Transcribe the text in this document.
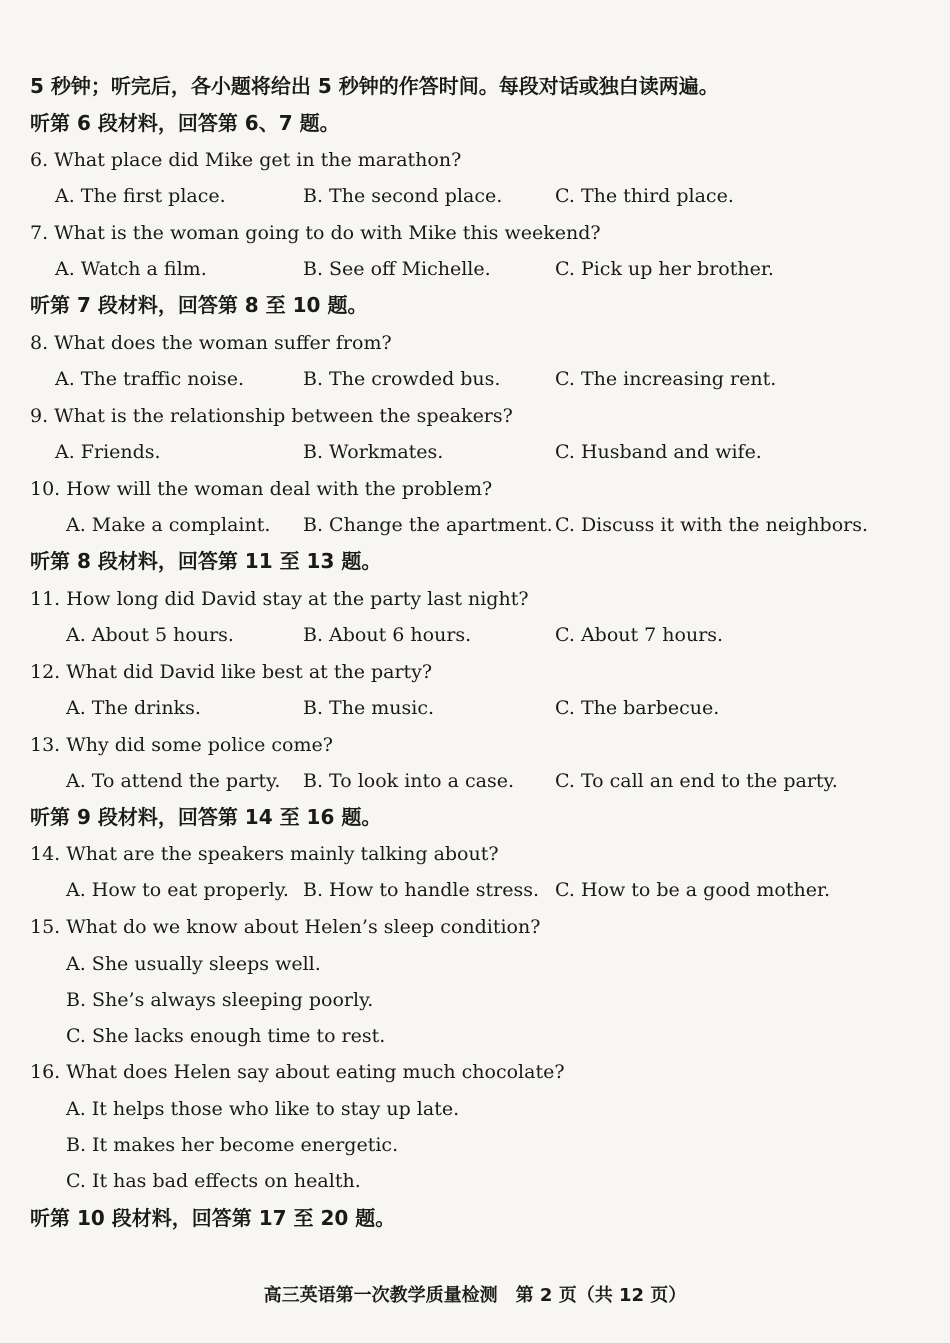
5 秒钟；听完后，各小题将给出 5 秒钟的作答时间。每段对话或独白读两遍。
听第 6 段材料，回答第 6、7 题。
6. What place did Mike get in the marathon?
A. The first place.	B. The second place.	C. The third place.
7. What is the woman going to do with Mike this weekend?
A. Watch a film.	B. See off Michelle.	C. Pick up her brother.
听第 7 段材料，回答第 8 至 10 题。
8. What does the woman suffer from?
A. The traffic noise.	B. The crowded bus.	C. The increasing rent.
9. What is the relationship between the speakers?
A. Friends.	B. Workmates.	C. Husband and wife.
10. How will the woman deal with the problem?
A. Make a complaint. B. Change the apartment. C. Discuss it with the neighbors.
听第 8 段材料，回答第 11 至 13 题。
11. How long did David stay at the party last night?
A. About 5 hours.	B. About 6 hours.	C. About 7 hours.
12. What did David like best at the party?
A. The drinks.	B. The music.	C. The barbecue.
13. Why did some police come?
A. To attend the party. B. To look into a case. C. To call an end to the party.
听第 9 段材料，回答第 14 至 16 题。
14. What are the speakers mainly talking about?
A. How to eat properly. B. How to handle stress. C. How to be a good mother.
15. What do we know about Helen’s sleep condition?
A. She usually sleeps well.
B. She’s always sleeping poorly.
C. She lacks enough time to rest.
16. What does Helen say about eating much chocolate?
A. It helps those who like to stay up late.
B. It makes her become energetic.
C. It has bad effects on health.
听第 10 段材料，回答第 17 至 20 题。
高三英语第一次教学质量检测　第 2 页（共 12 页）
